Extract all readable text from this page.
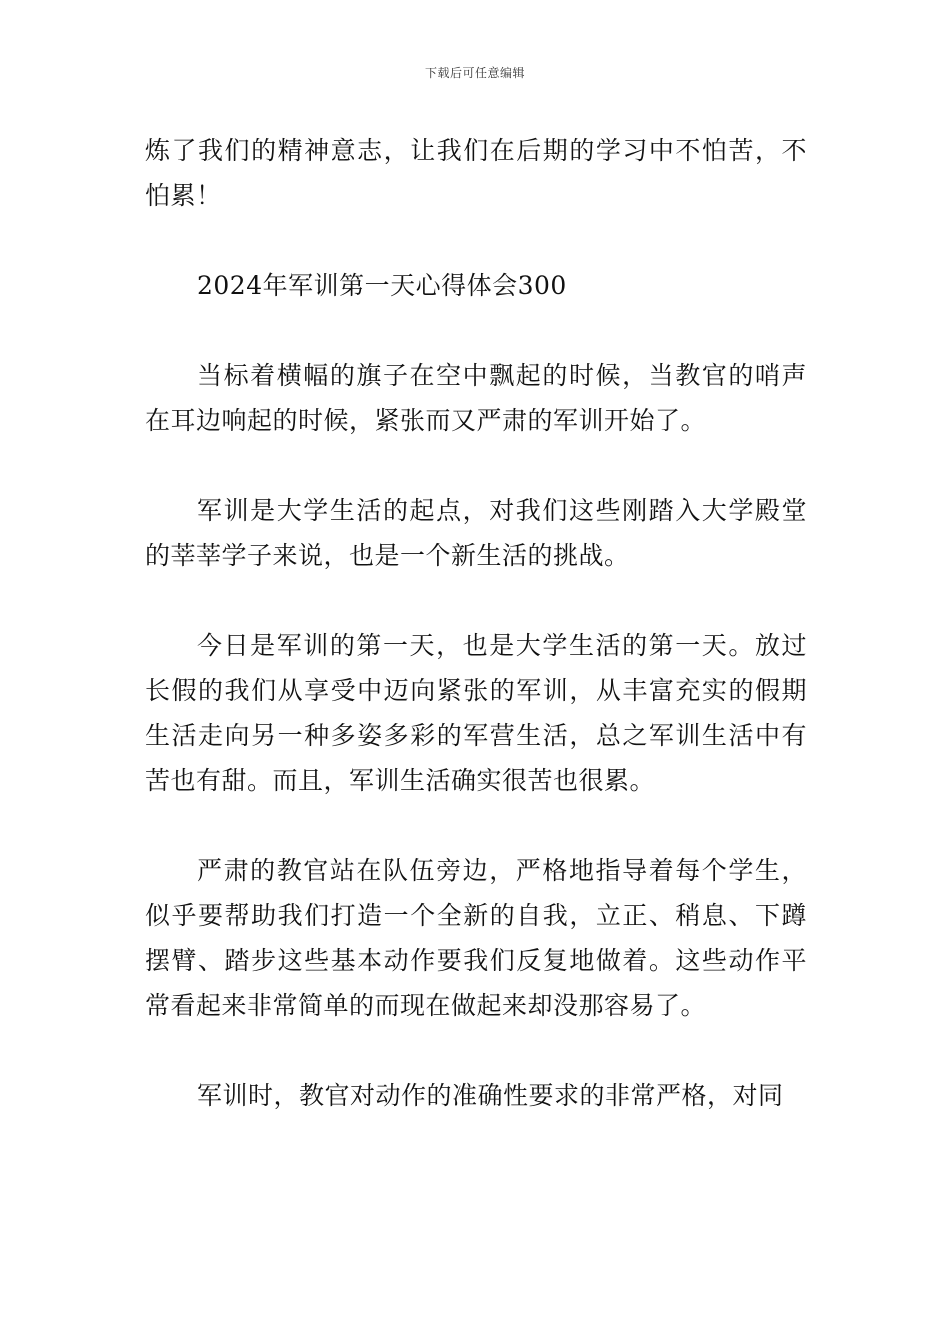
下载后可任意编辑

炼了我们的精神意志，让我们在后期的学习中不怕苦，不怕累！

2024年军训第一天心得体会300

当标着横幅的旗子在空中飘起的时候，当教官的哨声在耳边响起的时候，紧张而又严肃的军训开始了。

军训是大学生活的起点，对我们这些刚踏入大学殿堂的莘莘学子来说，也是一个新生活的挑战。

今日是军训的第一天，也是大学生活的第一天。放过长假的我们从享受中迈向紧张的军训，从丰富充实的假期生活走向另一种多姿多彩的军营生活，总之军训生活中有苦也有甜。而且，军训生活确实很苦也很累。

严肃的教官站在队伍旁边，严格地指导着每个学生，似乎要帮助我们打造一个全新的自我，立正、稍息、下蹲摆臂、踏步这些基本动作要我们反复地做着。这些动作平常看起来非常简单的而现在做起来却没那容易了。

军训时，教官对动作的准确性要求的非常严格，对同
